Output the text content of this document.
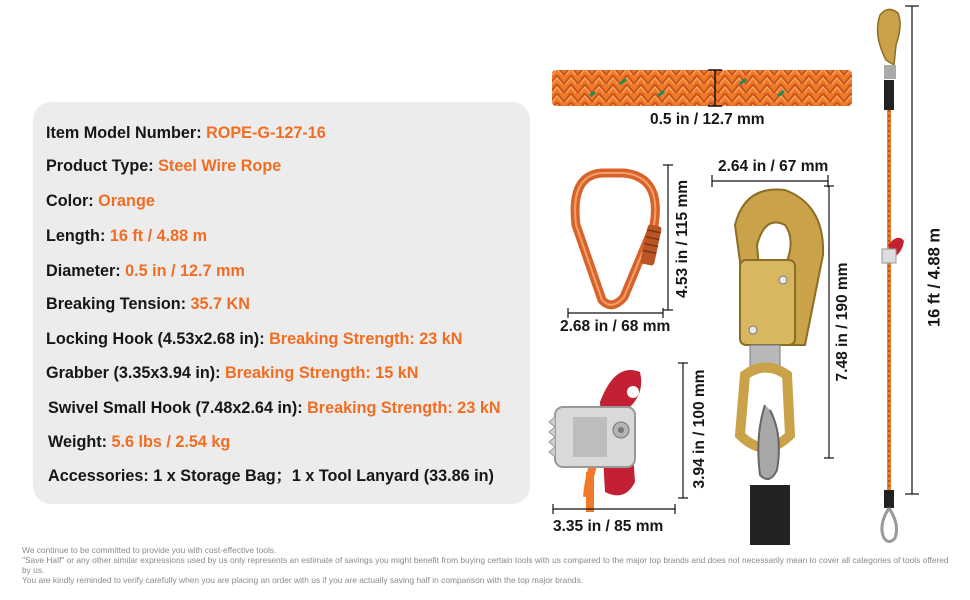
Item Model Number: ROPE-G-127-16
Product Type: Steel Wire Rope
Color: Orange
Length: 16 ft / 4.88 m
Diameter: 0.5 in / 12.7 mm
Breaking Tension: 35.7 KN
Locking Hook (4.53x2.68 in): Breaking Strength: 23 kN
Grabber (3.35x3.94 in): Breaking Strength: 15 kN
Swivel Small Hook (7.48x2.64 in): Breaking Strength: 23 kN
Weight: 5.6 lbs / 2.54 kg
Accessories: 1 x Storage Bag；1 x Tool Lanyard (33.86 in)
0.5 in / 12.7 mm
4.53 in / 115 mm
2.68 in / 68 mm
3.94 in / 100 mm
3.35 in / 85 mm
2.64 in / 67 mm
7.48 in / 190 mm	16 ft / 4.88 m

We continue to be committed to provide you with cost-effective tools.

"Save Half" or any other similar expressions used by us only represents an estimate of savings you might benefit from buying certain tools with us compared to the major top brands and does not necessarily mean to cover all categories of tools offered by us.

You are kindly reminded to verify carefully when you are placing an order with us if you are actually saving half in comparison with the top major brands.
